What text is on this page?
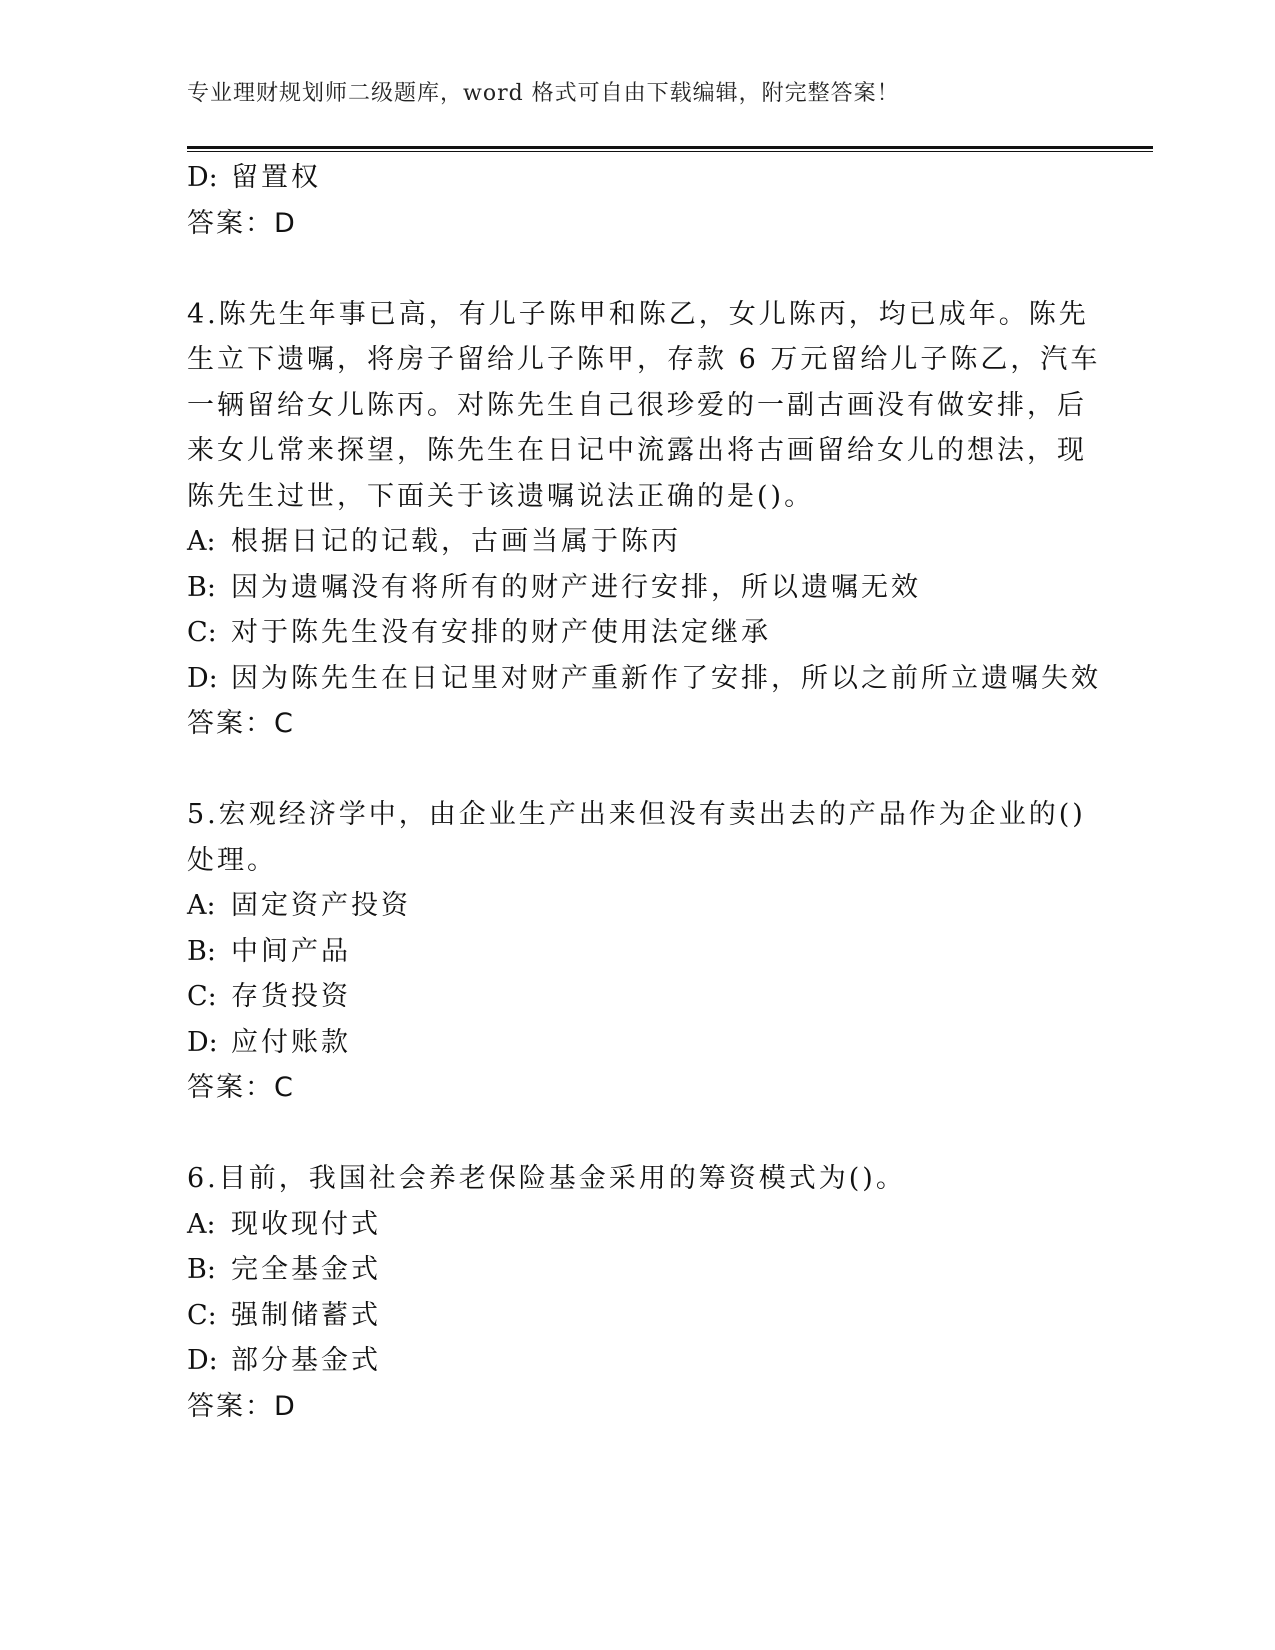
专业理财规划师二级题库，word 格式可自由下载编辑，附完整答案！
D: 留置权
答案：D
4.陈先生年事已高，有儿子陈甲和陈乙，女儿陈丙，均已成年。陈先
生立下遗嘱，将房子留给儿子陈甲，存款 6 万元留给儿子陈乙，汽车
一辆留给女儿陈丙。对陈先生自己很珍爱的一副古画没有做安排，后
来女儿常来探望，陈先生在日记中流露出将古画留给女儿的想法，现
陈先生过世，下面关于该遗嘱说法正确的是()。
A: 根据日记的记载，古画当属于陈丙
B: 因为遗嘱没有将所有的财产进行安排，所以遗嘱无效
C: 对于陈先生没有安排的财产使用法定继承
D: 因为陈先生在日记里对财产重新作了安排，所以之前所立遗嘱失效
答案：C
5.宏观经济学中，由企业生产出来但没有卖出去的产品作为企业的()
处理。
A: 固定资产投资
B: 中间产品
C: 存货投资
D: 应付账款
答案：C
6.目前，我国社会养老保险基金采用的筹资模式为()。
A: 现收现付式
B: 完全基金式
C: 强制储蓄式
D: 部分基金式
答案：D
